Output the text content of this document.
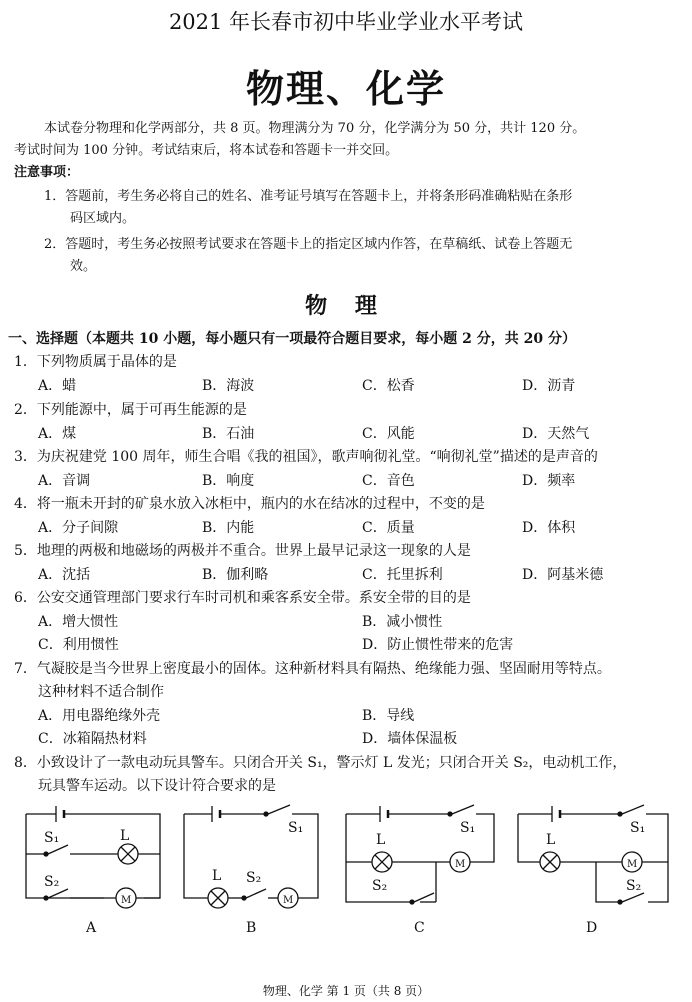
2021 年长春市初中毕业学业水平考试
物理、化学
本试卷分物理和化学两部分，共 8 页。物理满分为 70 分，化学满分为 50 分，共计 120 分。
考试时间为 100 分钟。考试结束后，将本试卷和答题卡一并交回。
注意事项：
1．答题前，考生务必将自己的姓名、准考证号填写在答题卡上，并将条形码准确粘贴在条形
码区域内。
2．答题时，考生务必按照考试要求在答题卡上的指定区域内作答，在草稿纸、试卷上答题无
效。
物 理
一、选择题（本题共 10 小题，每小题只有一项最符合题目要求，每小题 2 分，共 20 分）
1．下列物质属于晶体的是
A．蜡	B．海波	C．松香	D．沥青
2．下列能源中，属于可再生能源的是
A．煤	B．石油	C．风能	D．天然气
3．为庆祝建党 100 周年，师生合唱《我的祖国》，歌声响彻礼堂。“响彻礼堂”描述的是声音的
A．音调	B．响度	C．音色	D．频率
4．将一瓶未开封的矿泉水放入冰柜中，瓶内的水在结冰的过程中，不变的是
A．分子间隙	B．内能	C．质量	D．体积
5．地理的两极和地磁场的两极并不重合。世界上最早记录这一现象的人是
A．沈括	B．伽利略	C．托里拆利	D．阿基米德
6．公安交通管理部门要求行车时司机和乘客系安全带。系安全带的目的是
A．增大惯性	B．减小惯性
C．利用惯性	D．防止惯性带来的危害
7．气凝胶是当今世界上密度最小的固体。这种新材料具有隔热、绝缘能力强、坚固耐用等特点。
这种材料不适合制作
A．用电器绝缘外壳	B．导线
C．冰箱隔热材料	D．墙体保温板
8．小致设计了一款电动玩具警车。只闭合开关 S₁，警示灯 L 发光；只闭合开关 S₂，电动机工作，
玩具警车运动。以下设计符合要求的是
S₁	L
S₂
M
S₁
L S₂
M
S₁
L
S₂
M
S₁
L
S₂
M
A	B	C	D
物理、化学 第 1 页（共 8 页）
